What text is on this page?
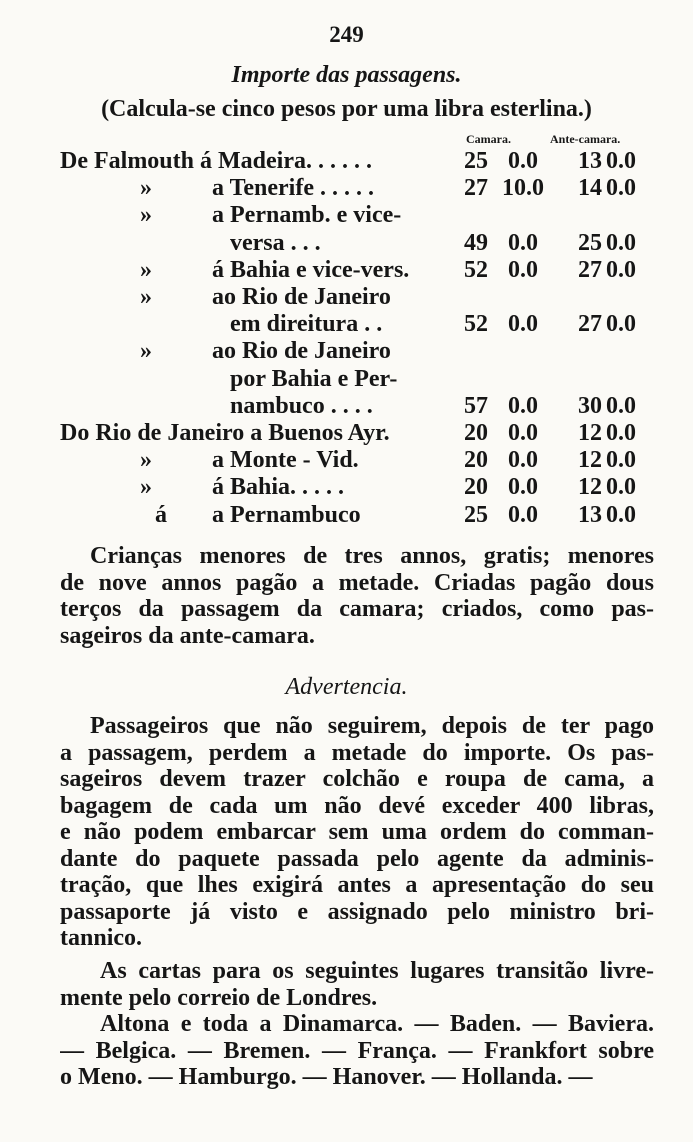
249
Importe das passagens.
(Calcula-se cinco pesos por uma libra esterlina.)
Camara.	Ante-camara.
De Falmouth á Madeira. . . . . .	25 0.0	13 0.0
»	a Tenerife . . . . .	27 10.0	14 0.0
»	a Pernamb. e vice-
versa . . .	49 0.0	25 0.0
»	á Bahia e vice-vers.	52 0.0	27 0.0
»	ao Rio de Janeiro
em direitura . .	52 0.0	27 0.0
»	ao Rio de Janeiro
por Bahia e Per-
nambuco . . . .	57 0.0	30 0.0
Do Rio de Janeiro a Buenos Ayr.	20 0.0	12 0.0
»	a Monte - Vid.	20 0.0	12 0.0
»	á Bahia. . . . .	20 0.0	12 0.0
á a Pernambuco	25 0.0	13 0.0
Crianças menores de tres annos, gratis; menores
de nove annos pagão a metade. Criadas pagão dous
terços da passagem da camara; criados, como pas-
sageiros da ante-camara.
Advertencia.
Passageiros que não seguirem, depois de ter pago
a passagem, perdem a metade do importe. Os pas-
sageiros devem trazer colchão e roupa de cama, a
bagagem de cada um não devé exceder 400 libras,
e não podem embarcar sem uma ordem do comman-
dante do paquete passada pelo agente da adminis-
tração, que lhes exigirá antes a apresentação do seu
passaporte já visto e assignado pelo ministro bri-
tannico.
As cartas para os seguintes lugares transitão livre-
mente pelo correio de Londres.
Altona e toda a Dinamarca. — Baden. — Baviera.
— Belgica. — Bremen. — França. — Frankfort sobre
o Meno. — Hamburgo. — Hanover. — Hollanda. —
